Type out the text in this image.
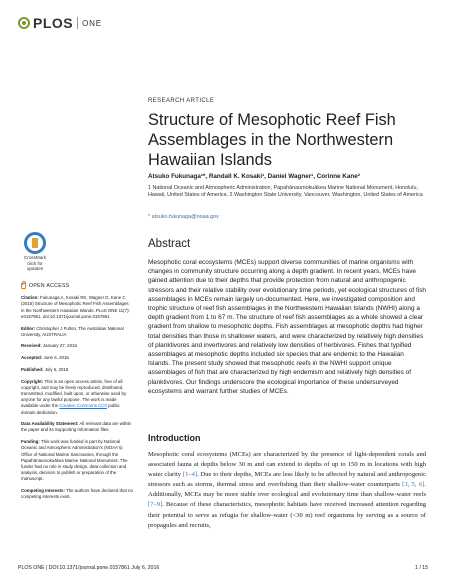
PLOS ONE
CrossMark
click for updates
OPEN ACCESS
Citation: Fukunaga A, Kosaki RK, Wagner D, Kane C (2016) Structure of Mesophotic Reef Fish Assemblages in the Northwestern Hawaiian Islands. PLoS ONE 11(7): e0157861. doi:10.1371/journal.pone.0157861
Editor: Christopher J Fulton, The Australian National University, AUSTRALIA
Received: January 27, 2016
Accepted: June 6, 2016
Published: July 6, 2016
Copyright: This is an open access article, free of all copyright, and may be freely reproduced, distributed, transmitted, modified, built upon, or otherwise used by anyone for any lawful purpose. The work is made available under the Creative Commons CC0 public domain dedication.
Data Availability Statement: All relevant data are within the paper and its Supporting Information files.
Funding: This work was funded in part by National Oceanic and Atmospheric Administration's (NOAA's) Office of National Marine Sanctuaries, through the Papahānaumokuākea Marine National Monument. The funder had no role in study design, data collection and analysis, decision to publish or preparation of the manuscript.
Competing Interests: The authors have declared that no competing interests exist.
RESEARCH ARTICLE
Structure of Mesophotic Reef Fish Assemblages in the Northwestern Hawaiian Islands
Atsuko Fukunaga¹*, Randall K. Kosaki¹, Daniel Wagner¹, Corinne Kane²
1 National Oceanic and Atmospheric Administration, Papahānaumokuākea Marine National Monument, Honolulu, Hawaii, United States of America, 2 Washington State University, Vancouver, Washington, United States of America
* atsuko.fukunaga@noaa.gov
Abstract
Mesophotic coral ecosystems (MCEs) support diverse communities of marine organisms with changes in community structure occurring along a depth gradient. In recent years, MCEs have gained attention due to their depths that provide protection from natural and anthropogenic stressors and their relative stability over evolutionary time periods, yet ecological structures of fish assemblages in MCEs remain largely un-documented. Here, we investigated composition and trophic structure of reef fish assemblages in the Northwestern Hawaiian Islands (NWHI) along a depth gradient from 1 to 67 m. The structure of reef fish assemblages as a whole showed a clear gradient from shallow to mesophotic depths. Fish assemblages at mesophotic depths had higher total densities than those in shallower waters, and were characterized by relatively high densities of planktivores and invertivores and relatively low densities of herbivores. Fishes that typified assemblages at mesophotic depths included six species that are endemic to the Hawaiian Islands. The present study showed that mesophotic reefs in the NWHI support unique assemblages of fish that are characterized by high endemism and relatively high densities of planktivores. Our findings underscore the ecological importance of these undersurveyed ecosystems and warrant further studies of MCEs.
Introduction
Mesophotic coral ecosystems (MCEs) are characterized by the presence of light-dependent corals and associated fauna at depths below 30 m and can extend to depths of up to 150 m in locations with high water clarity [1–4]. Due to their depths, MCEs are less likely to be affected by natural and anthropogenic stressors such as storms, thermal stress and overfishing than their shallow-water counterparts [3, 5, 6]. Additionally, MCEs may be more stable over ecological and evolutionary time than shallow-water reefs [7–9]. Because of these characteristics, mesophotic habitats have received increased attention regarding their potential to serve as refugia for shallow-water (<30 m) reef organisms by serving as a source of propagules and recruits,
PLOS ONE | DOI:10.1371/journal.pone.0157861 July 6, 2016	1 / 15
